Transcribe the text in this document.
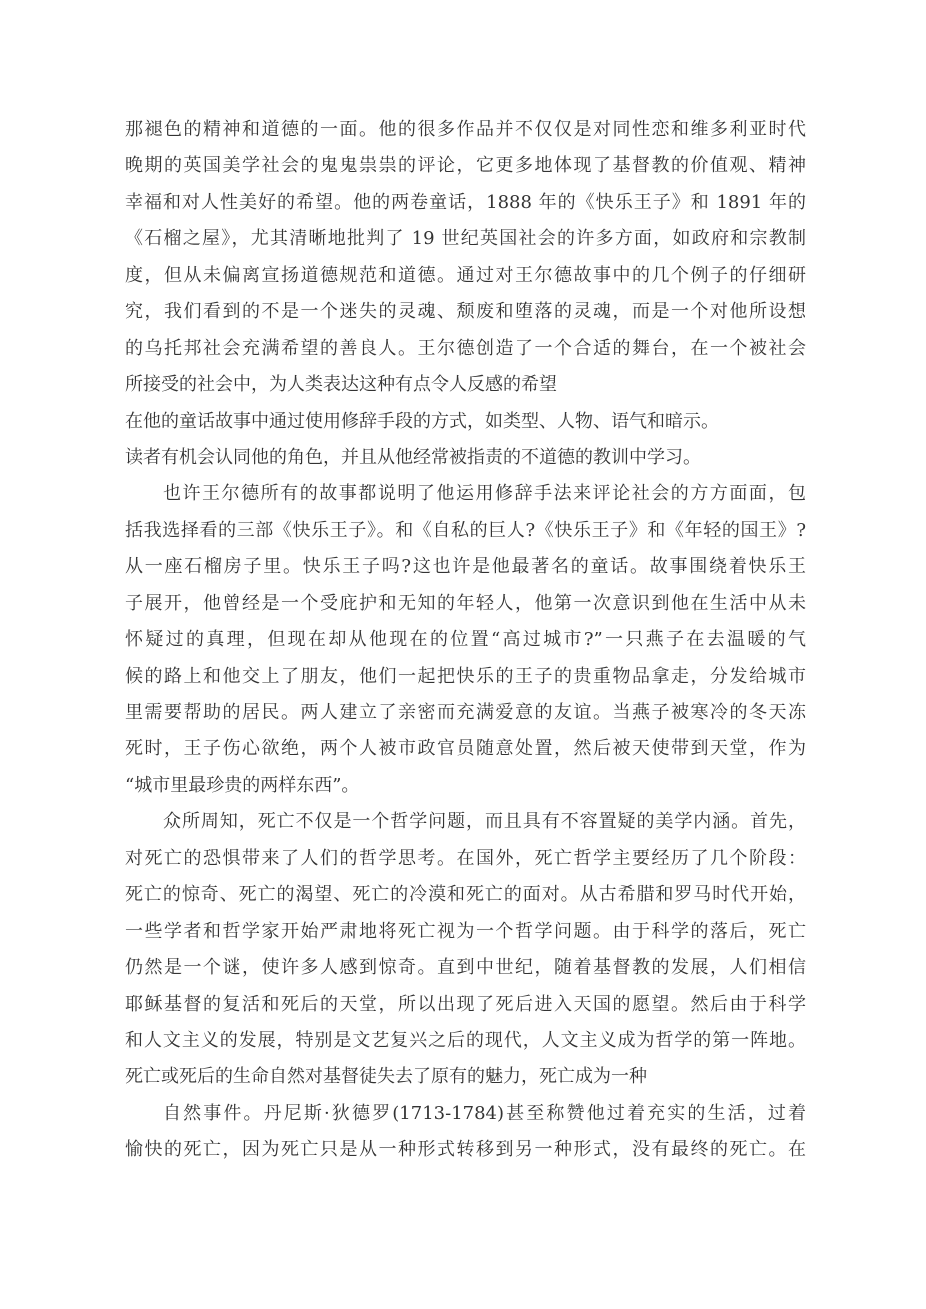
那褪色的精神和道德的一面。他的很多作品并不仅仅是对同性恋和维多利亚时代
晚期的英国美学社会的鬼鬼祟祟的评论，它更多地体现了基督教的价值观、精神
幸福和对人性美好的希望。他的两卷童话，1888 年的《快乐王子》和 1891 年的
《石榴之屋》，尤其清晰地批判了 19 世纪英国社会的许多方面，如政府和宗教制
度，但从未偏离宣扬道德规范和道德。通过对王尔德故事中的几个例子的仔细研
究，我们看到的不是一个迷失的灵魂、颓废和堕落的灵魂，而是一个对他所设想
的乌托邦社会充满希望的善良人。王尔德创造了一个合适的舞台，在一个被社会
所接受的社会中，为人类表达这种有点令人反感的希望
在他的童话故事中通过使用修辞手段的方式，如类型、人物、语气和暗示。
读者有机会认同他的角色，并且从他经常被指责的不道德的教训中学习。
也许王尔德所有的故事都说明了他运用修辞手法来评论社会的方方面面，包
括我选择看的三部《快乐王子》。和《自私的巨人?《快乐王子》和《年轻的国王》?
从一座石榴房子里。快乐王子吗?这也许是他最著名的童话。故事围绕着快乐王
子展开，他曾经是一个受庇护和无知的年轻人，他第一次意识到他在生活中从未
怀疑过的真理，但现在却从他现在的位置“高过城市?”一只燕子在去温暖的气
候的路上和他交上了朋友，他们一起把快乐的王子的贵重物品拿走，分发给城市
里需要帮助的居民。两人建立了亲密而充满爱意的友谊。当燕子被寒冷的冬天冻
死时，王子伤心欲绝，两个人被市政官员随意处置，然后被天使带到天堂，作为
“城市里最珍贵的两样东西”。
众所周知，死亡不仅是一个哲学问题，而且具有不容置疑的美学内涵。首先，
对死亡的恐惧带来了人们的哲学思考。在国外，死亡哲学主要经历了几个阶段：
死亡的惊奇、死亡的渴望、死亡的冷漠和死亡的面对。从古希腊和罗马时代开始，
一些学者和哲学家开始严肃地将死亡视为一个哲学问题。由于科学的落后，死亡
仍然是一个谜，使许多人感到惊奇。直到中世纪，随着基督教的发展，人们相信
耶稣基督的复活和死后的天堂，所以出现了死后进入天国的愿望。然后由于科学
和人文主义的发展，特别是文艺复兴之后的现代，人文主义成为哲学的第一阵地。
死亡或死后的生命自然对基督徒失去了原有的魅力，死亡成为一种
自然事件。丹尼斯·狄德罗(1713-1784)甚至称赞他过着充实的生活，过着
愉快的死亡，因为死亡只是从一种形式转移到另一种形式，没有最终的死亡。在
